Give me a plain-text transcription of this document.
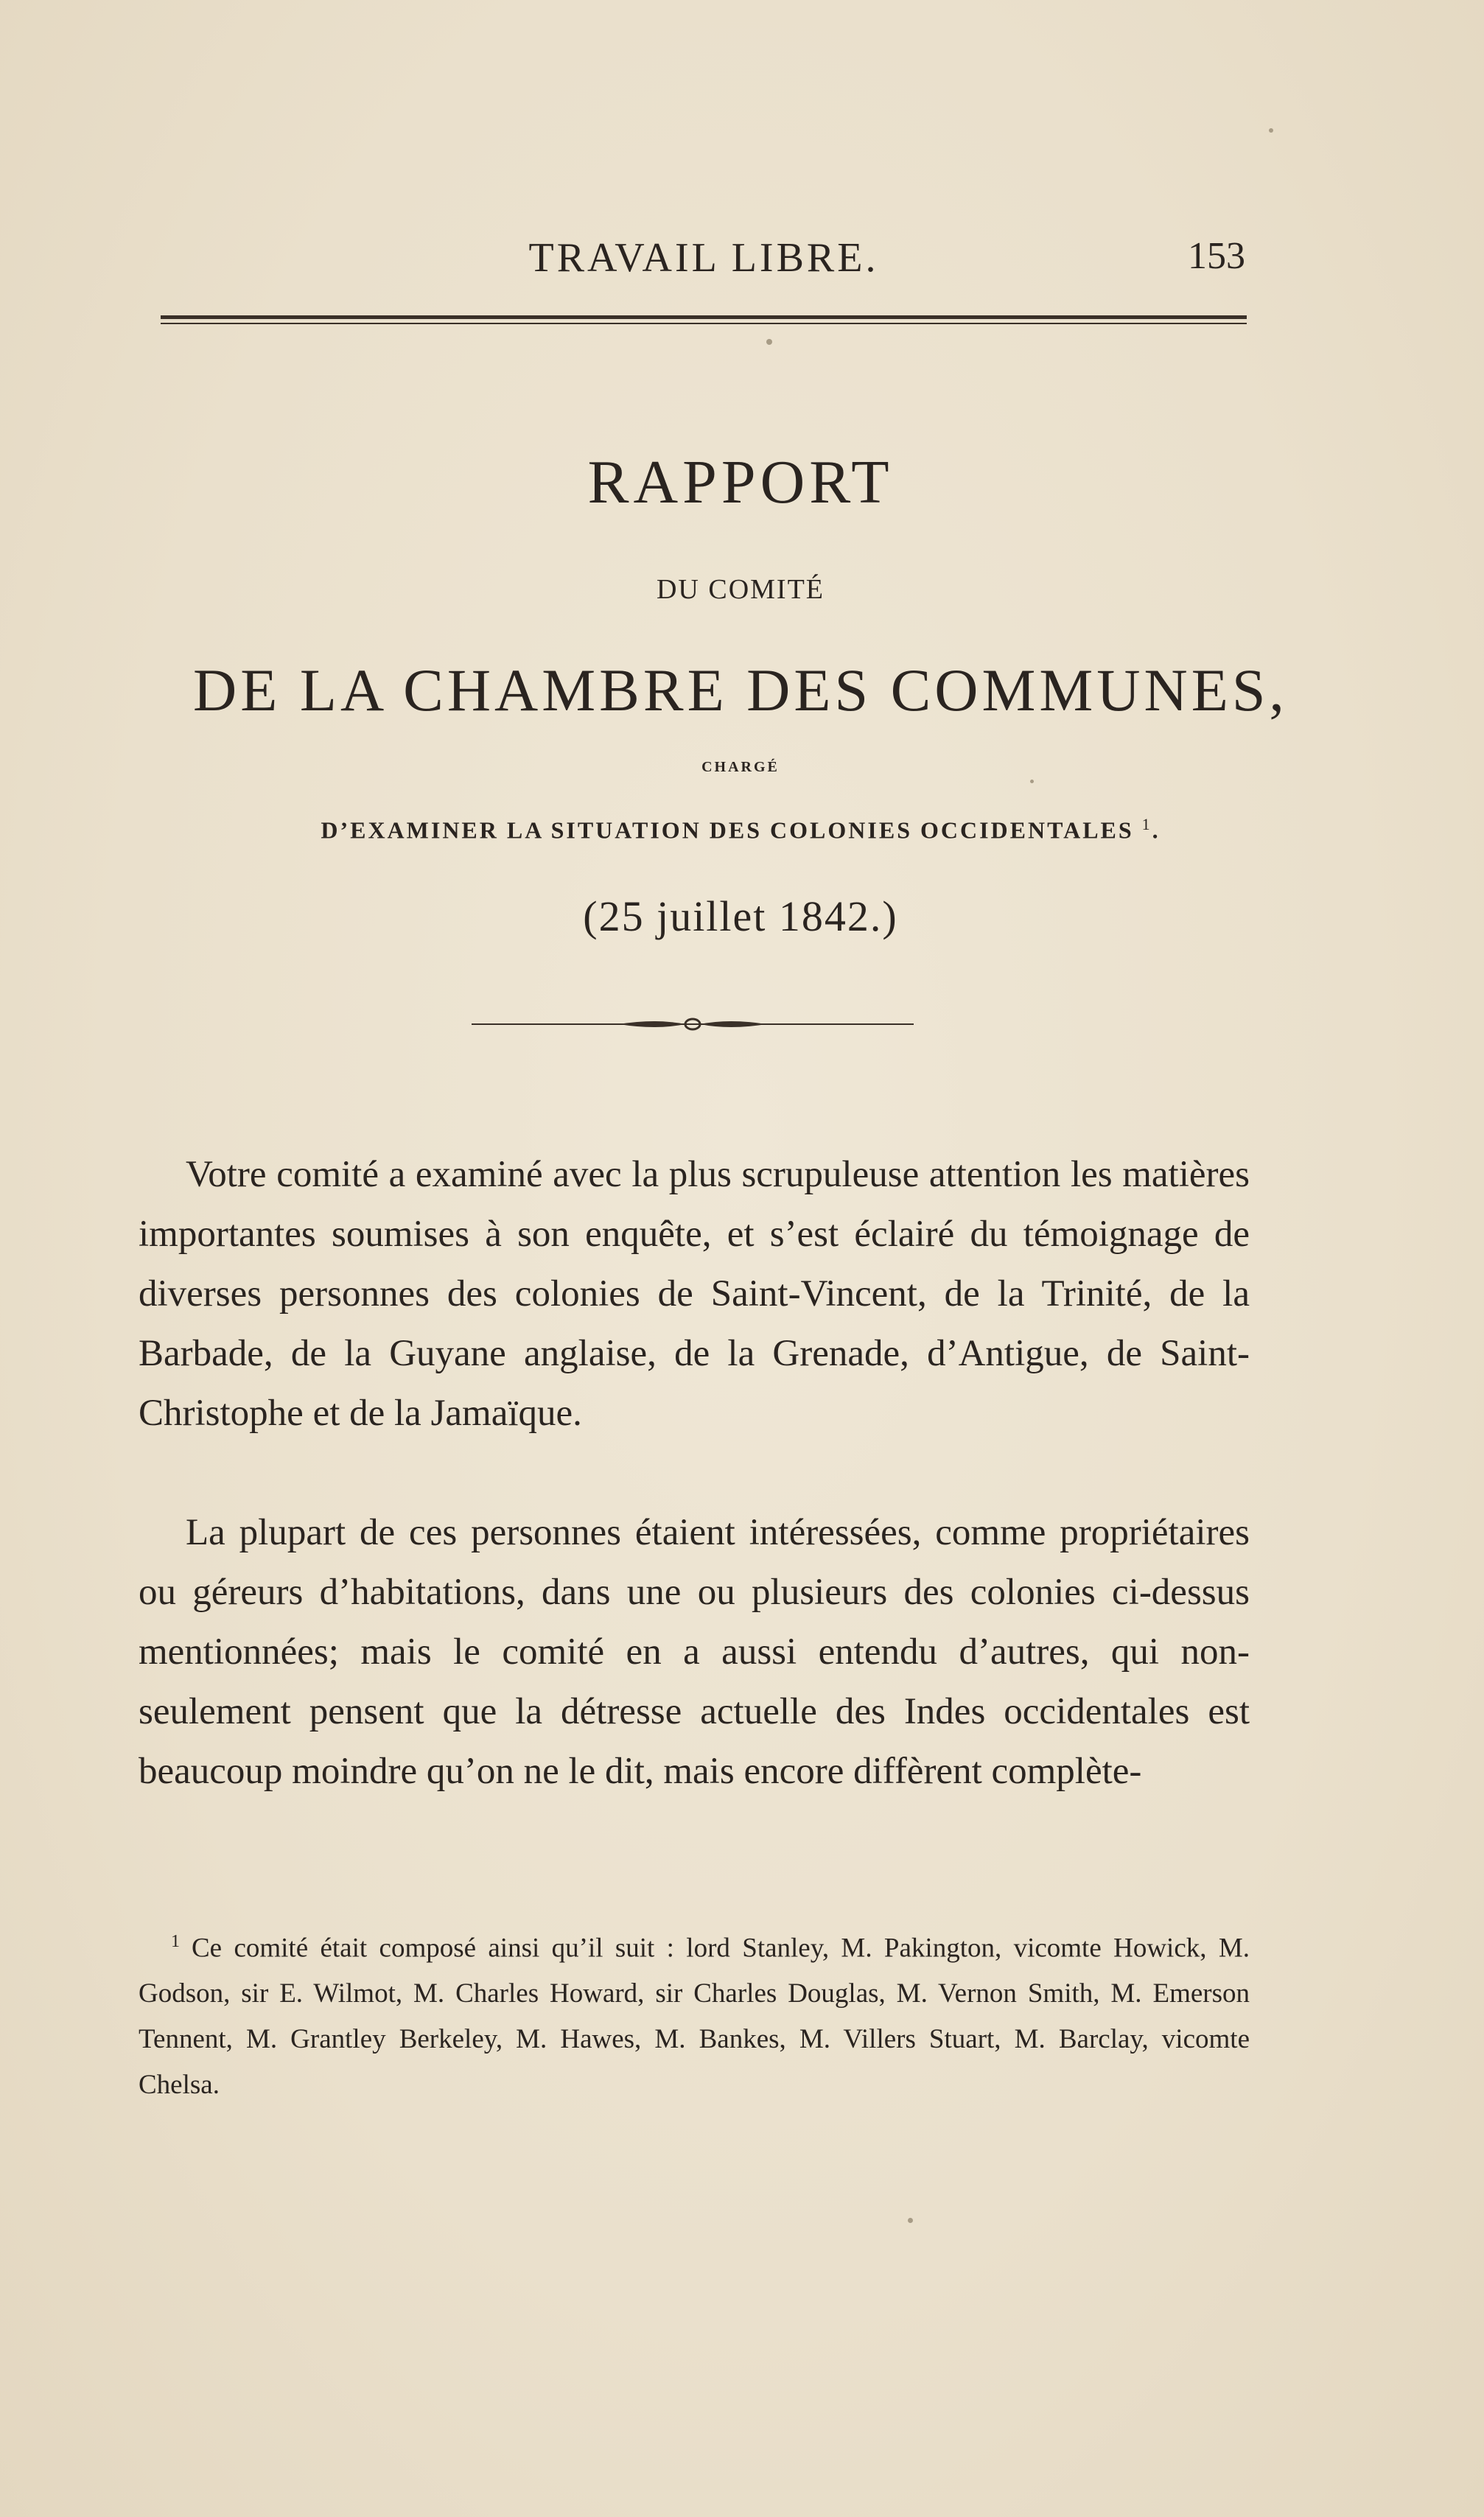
TRAVAIL LIBRE.	153
RAPPORT
DU COMITÉ
DE LA CHAMBRE DES COMMUNES,
CHARGÉ
D’EXAMINER LA SITUATION DES COLONIES OCCIDENTALES $^1$.
(25 juillet 1842.)
Votre comité a examiné avec la plus scrupuleuse attention les matières importantes soumises à son enquête, et s’est éclairé du témoignage de diverses personnes des colonies de Saint-Vincent, de la Trinité, de la Barbade, de la Guyane anglaise, de la Grenade, d’Antigue, de Saint-Christophe et de la Jamaïque.
La plupart de ces personnes étaient intéressées, comme propriétaires ou géreurs d’habitations, dans une ou plusieurs des colonies ci-dessus mentionnées; mais le comité en a aussi entendu d’autres, qui non-seulement pensent que la détresse actuelle des Indes occidentales est beaucoup moindre qu’on ne le dit, mais encore diffèrent complète-
$^1$ Ce comité était composé ainsi qu’il suit : lord Stanley, M. Pakington, vicomte Howick, M. Godson, sir E. Wilmot, M. Charles Howard, sir Charles Douglas, M. Vernon Smith, M. Emerson Tennent, M. Grantley Berkeley, M. Hawes, M. Bankes, M. Villers Stuart, M. Barclay, vicomte Chelsa.
